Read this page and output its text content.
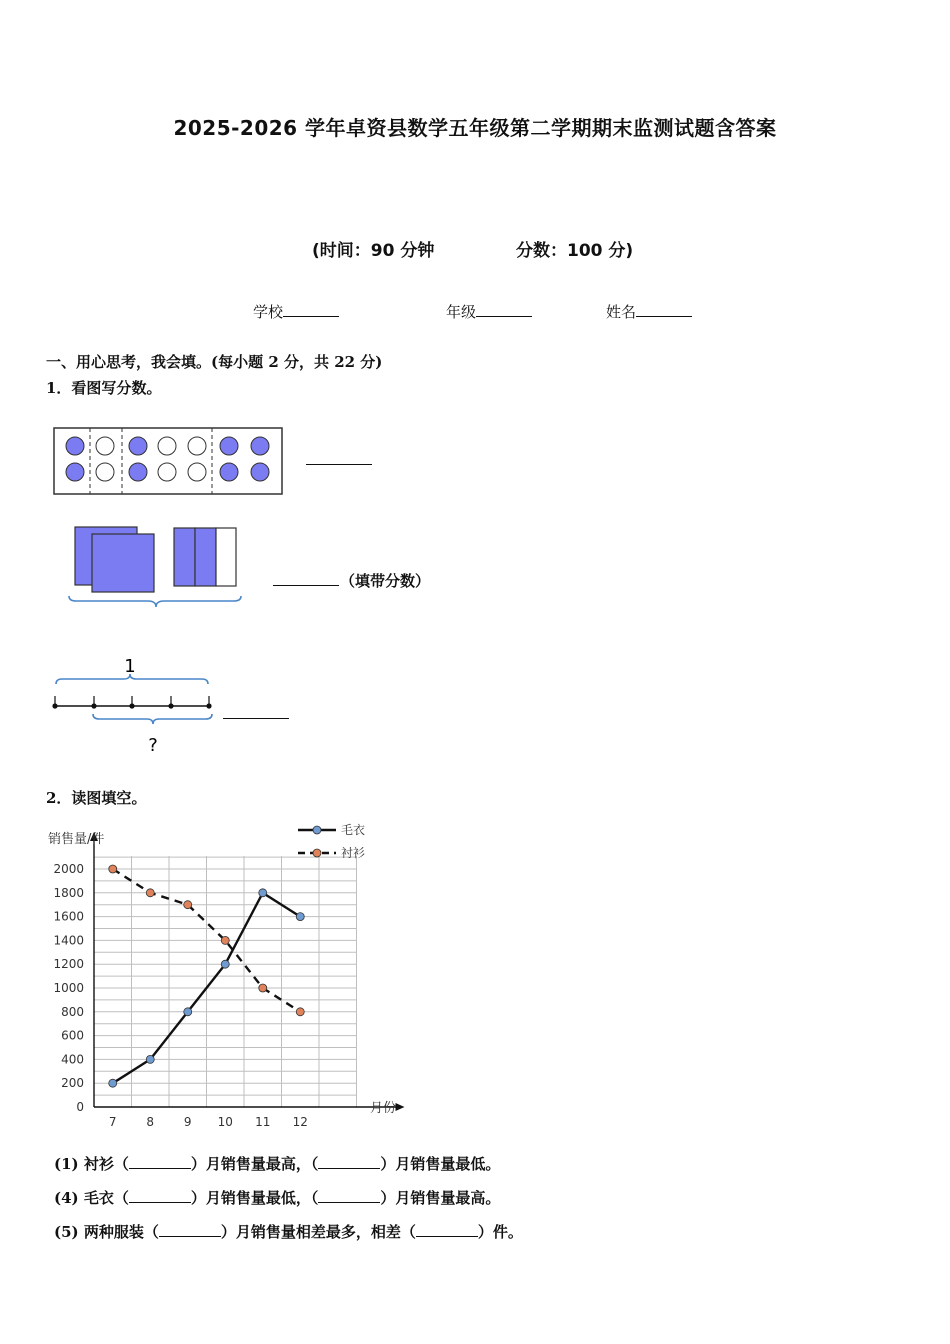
2025-2026 学年卓资县数学五年级第二学期期末监测试题含答案
(时间：90 分钟	分数：100 分)
学校	年级	姓名
一、用心思考，我会填。(每小题 2 分，共 22 分)
1．看图写分数。
（填带分数）
1
?
2．读图填空。
0
200
400
600
800
1000
1200
1400
1600
1800
2000
7 8 9 10 11 12
毛衣
衬衫
销售量/件
月份
(1) 衬衫（	）月销售量最高，（	）月销售量最低。
(4) 毛衣（	）月销售量最低，（	）月销售量最高。
(5) 两种服装（	）月销售量相差最多，相差（	）件。
